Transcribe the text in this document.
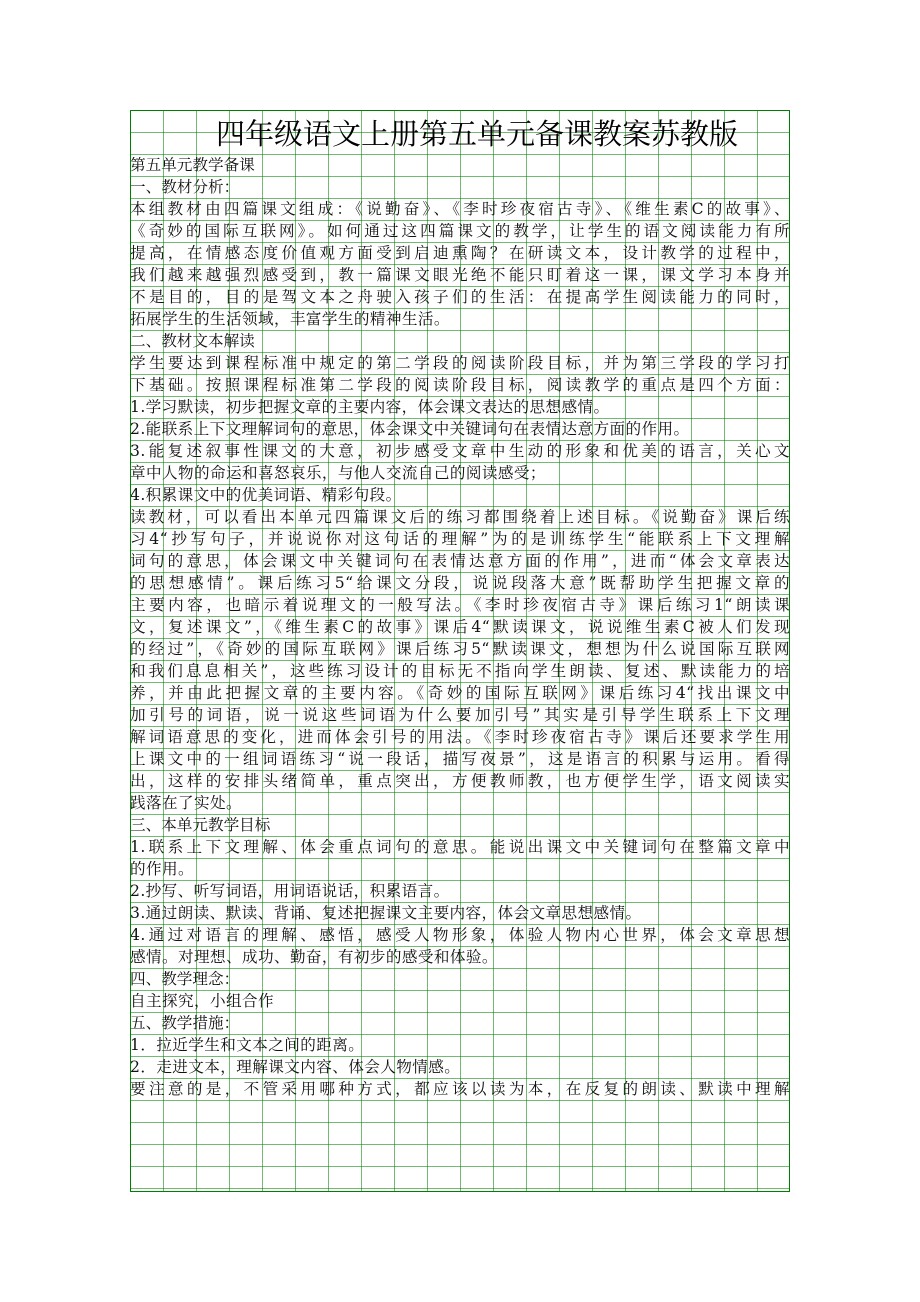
四年级语文上册第五单元备课教案苏教版

第五单元教学备课

一、教材分析：

本组教材由四篇课文组成：《说勤奋》、《李时珍夜宿古寺》、《维生素C的故事》、

《奇妙的国际互联网》。如何通过这四篇课文的教学，让学生的语文阅读能力有所

提高，在情感态度价值观方面受到启迪熏陶？在研读文本，设计教学的过程中，

我们越来越强烈感受到，教一篇课文眼光绝不能只盯着这一课，课文学习本身并

不是目的，目的是驾文本之舟驶入孩子们的生活：在提高学生阅读能力的同时，

拓展学生的生活领域，丰富学生的精神生活。

二、教材文本解读

学生要达到课程标准中规定的第二学段的阅读阶段目标，并为第三学段的学习打

下基础。按照课程标准第二学段的阅读阶段目标，阅读教学的重点是四个方面：

1.学习默读，初步把握文章的主要内容，体会课文表达的思想感情。

2.能联系上下文理解词句的意思，体会课文中关键词句在表情达意方面的作用。

3.能复述叙事性课文的大意，初步感受文章中生动的形象和优美的语言，关心文

章中人物的命运和喜怒哀乐，与他人交流自己的阅读感受；

4.积累课文中的优美词语、精彩句段。

读教材，可以看出本单元四篇课文后的练习都围绕着上述目标。《说勤奋》课后练

习4“抄写句子，并说说你对这句话的理解”为的是训练学生“能联系上下文理解

词句的意思，体会课文中关键词句在表情达意方面的作用”，进而“体会文章表达

的思想感情”。课后练习5“给课文分段，说说段落大意”既帮助学生把握文章的

主要内容，也暗示着说理文的一般写法。《李时珍夜宿古寺》课后练习1“朗读课

文，复述课文”，《维生素C的故事》课后4“默读课文，说说维生素C被人们发现

的经过”，《奇妙的国际互联网》课后练习5“默读课文，想想为什么说国际互联网

和我们息息相关”，这些练习设计的目标无不指向学生朗读、复述、默读能力的培

养，并由此把握文章的主要内容。《奇妙的国际互联网》课后练习4“找出课文中

加引号的词语，说一说这些词语为什么要加引号”其实是引导学生联系上下文理

解词语意思的变化，进而体会引号的用法。《李时珍夜宿古寺》课后还要求学生用

上课文中的一组词语练习“说一段话，描写夜景”，这是语言的积累与运用。看得

出，这样的安排头绪简单，重点突出，方便教师教，也方便学生学，语文阅读实

践落在了实处。

三、本单元教学目标

1.联系上下文理解、体会重点词句的意思。能说出课文中关键词句在整篇文章中

的作用。

2.抄写、听写词语，用词语说话，积累语言。

3.通过朗读、默读、背诵、复述把握课文主要内容，体会文章思想感情。

4.通过对语言的理解、感悟，感受人物形象，体验人物内心世界，体会文章思想

感情。对理想、成功、勤奋，有初步的感受和体验。

四、教学理念：

自主探究，小组合作

五、教学措施：

1．拉近学生和文本之间的距离。

2．走进文本，理解课文内容、体会人物情感。

要注意的是，不管采用哪种方式，都应该以读为本，在反复的朗读、默读中理解
